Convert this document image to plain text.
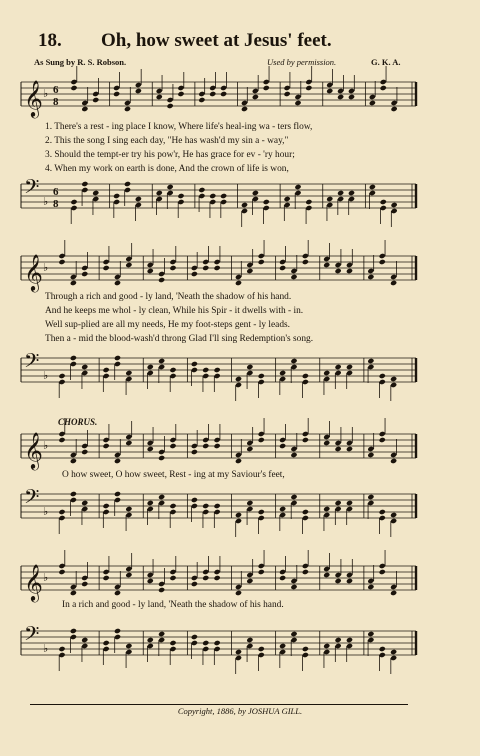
18. Oh, how sweet at Jesus' feet.
As Sung by R. S. Robson.	Used by permission.	G. K. A.
𝄞 ♭ 6
8
1. There's a rest - ing place I know, Where life's heal-ing wa - ters flow,
2. This the song I sing each day, "He has wash'd my sin a - way,"
3. Should the tempt-er try his pow'r, He has grace for ev - 'ry hour;
4. When my work on earth is done, And the crown of life is won,
𝄢 ♭
6
8
𝄞 ♭
Through a rich and good - ly land, 'Neath the shadow of his hand.
And he keeps me whol - ly clean, While his Spir - it dwells with - in.
Well sup-plied are all my needs, He my foot-steps gent - ly leads.
Then a - mid the blood-wash'd throng Glad I'll sing Redemption's song.
𝄢 ♭
CHORUS.
𝄞 ♭
O how sweet, O how sweet, Rest - ing at my Saviour's feet,
𝄢 ♭
𝄞 ♭
In a rich and good - ly land, 'Neath the shadow of his hand.
𝄢 ♭
Copyright, 1886, by JOSHUA GILL.
